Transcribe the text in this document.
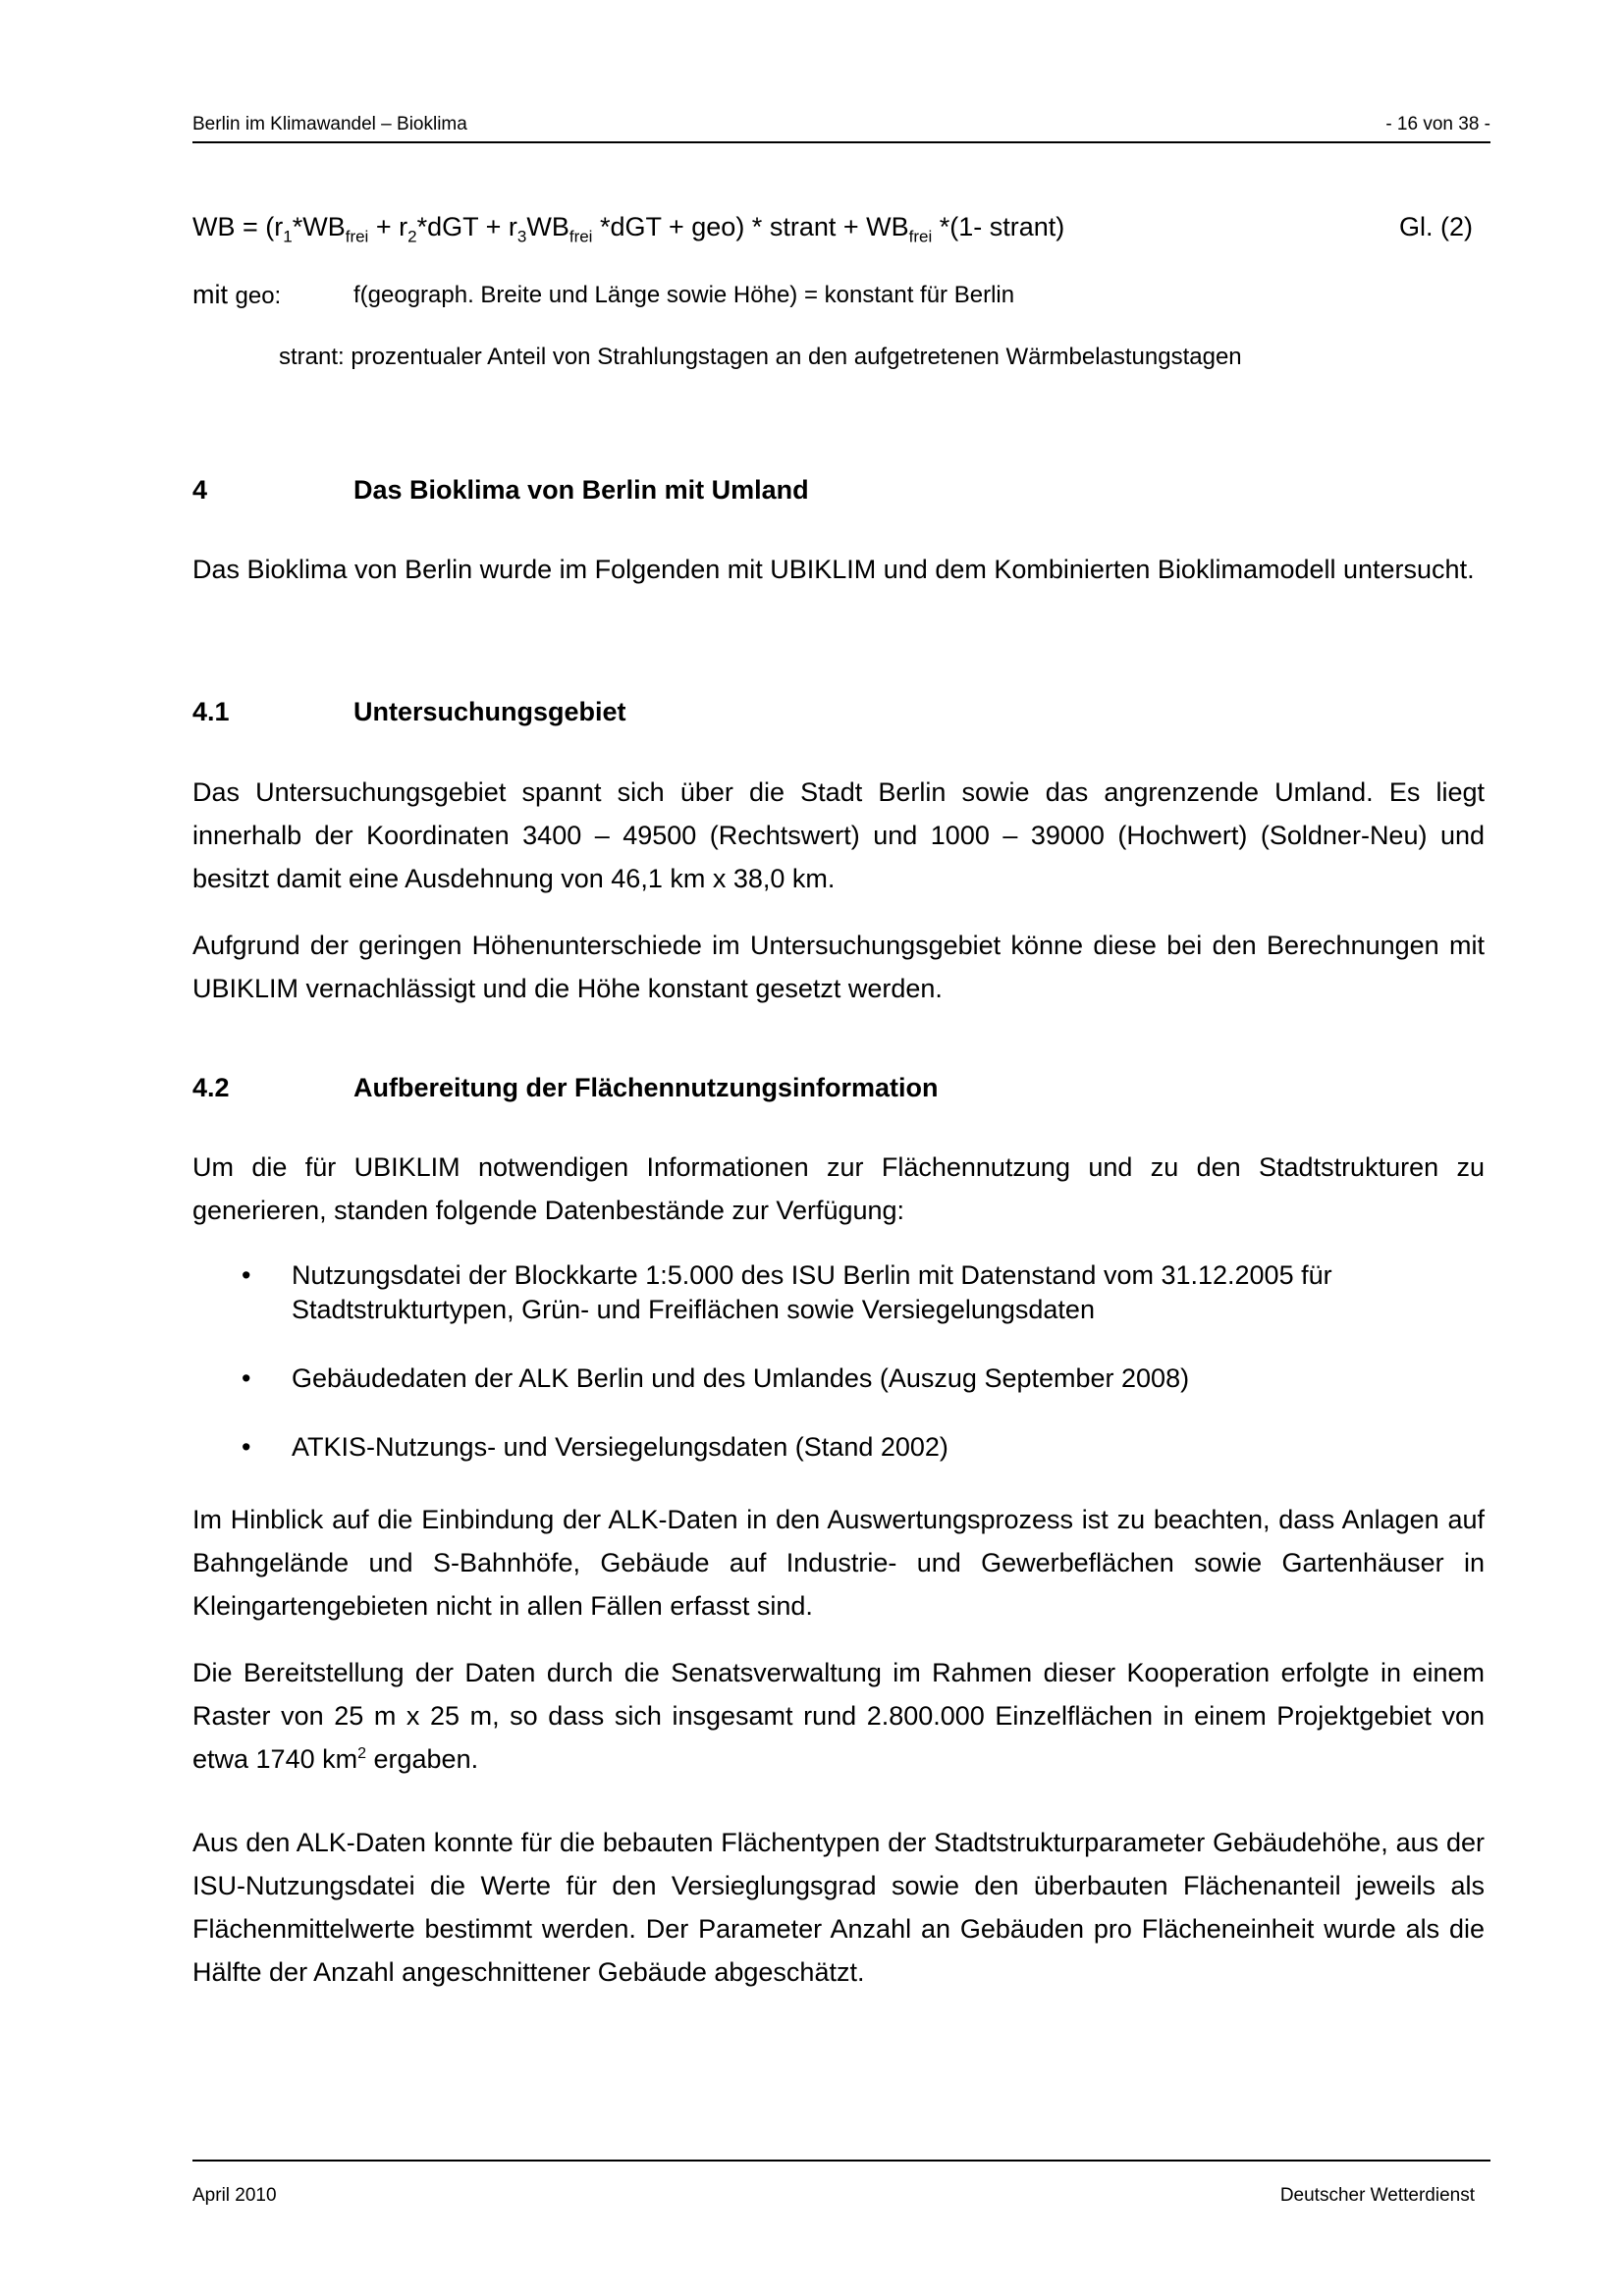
Berlin im Klimawandel – Bioklima	- 16 von 38 -
WB = ($r_1*WB_{frei} + r_2*dGT + r_3WB_{frei}$ *dGT + geo) * strant + $WB_{frei}$ *(1- strant)	Gl. (2)
mit geo:	f(geograph. Breite und Länge sowie Höhe) = konstant für Berlin
strant: prozentualer Anteil von Strahlungstagen an den aufgetretenen Wärmbelastungstagen
4	Das Bioklima von Berlin mit Umland
Das Bioklima von Berlin wurde im Folgenden mit UBIKLIM und dem Kombinierten Bioklimamodell untersucht.
4.1	Untersuchungsgebiet
Das Untersuchungsgebiet spannt sich über die Stadt Berlin sowie das angrenzende Umland. Es liegt innerhalb der Koordinaten 3400 – 49500 (Rechtswert) und 1000 – 39000 (Hochwert) (Soldner-Neu) und besitzt damit eine Ausdehnung von 46,1 km x 38,0 km.
Aufgrund der geringen Höhenunterschiede im Untersuchungsgebiet könne diese bei den Berechnungen mit UBIKLIM vernachlässigt und die Höhe konstant gesetzt werden.
4.2	Aufbereitung der Flächennutzungsinformation
Um die für UBIKLIM notwendigen Informationen zur Flächennutzung und zu den Stadtstrukturen zu generieren, standen folgende Datenbestände zur Verfügung:
• Nutzungsdatei der Blockkarte 1:5.000 des ISU Berlin mit Datenstand vom 31.12.2005 für Stadtstrukturtypen, Grün- und Freiflächen sowie Versiegelungsdaten
• Gebäudedaten der ALK Berlin und des Umlandes (Auszug September 2008)
• ATKIS-Nutzungs- und Versiegelungsdaten (Stand 2002)
Im Hinblick auf die Einbindung der ALK-Daten in den Auswertungsprozess ist zu beachten, dass Anlagen auf Bahngelände und S-Bahnhöfe, Gebäude auf Industrie- und Gewerbeflächen sowie Gartenhäuser in Kleingartengebieten nicht in allen Fällen erfasst sind.
Die Bereitstellung der Daten durch die Senatsverwaltung im Rahmen dieser Kooperation erfolgte in einem Raster von 25 m x 25 m, so dass sich insgesamt rund 2.800.000 Einzelflächen in einem Projektgebiet von etwa 1740 $km^2$ ergaben.
Aus den ALK-Daten konnte für die bebauten Flächentypen der Stadtstrukturparameter Gebäudehöhe, aus der ISU-Nutzungsdatei die Werte für den Versieglungsgrad sowie den überbauten Flächenanteil jeweils als Flächenmittelwerte bestimmt werden. Der Parameter Anzahl an Gebäuden pro Flächeneinheit wurde als die Hälfte der Anzahl angeschnittener Gebäude abgeschätzt.
April 2010	Deutscher Wetterdienst
